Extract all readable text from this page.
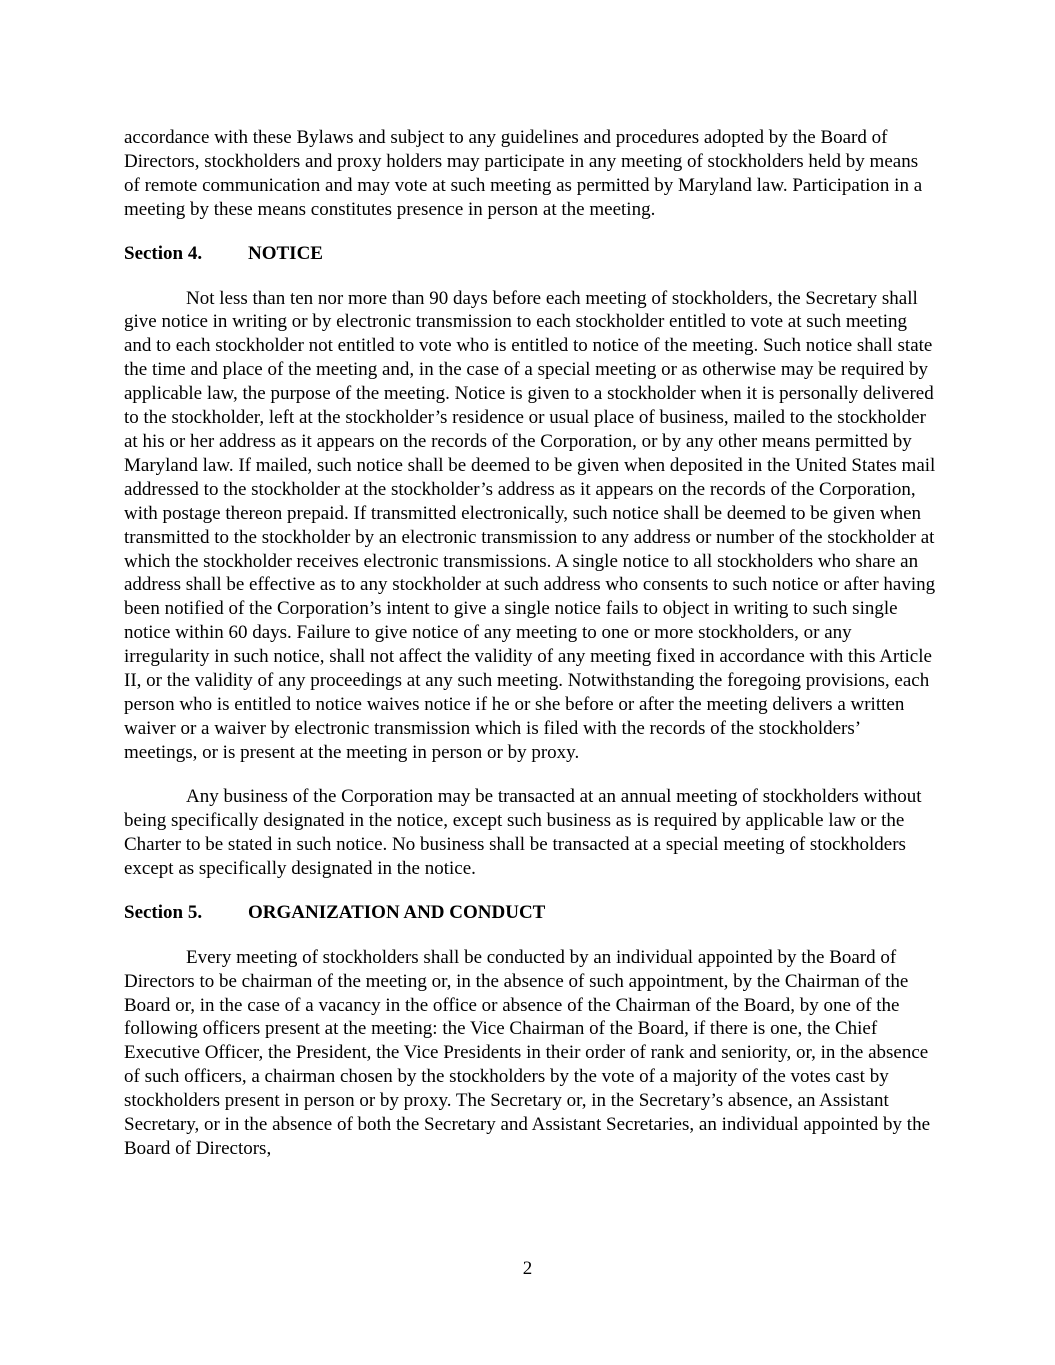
accordance with these Bylaws and subject to any guidelines and procedures adopted by the Board of Directors, stockholders and proxy holders may participate in any meeting of stockholders held by means of remote communication and may vote at such meeting as permitted by Maryland law. Participation in a meeting by these means constitutes presence in person at the meeting.

Section 4. NOTICE

Not less than ten nor more than 90 days before each meeting of stockholders, the Secretary shall give notice in writing or by electronic transmission to each stockholder entitled to vote at such meeting and to each stockholder not entitled to vote who is entitled to notice of the meeting. Such notice shall state the time and place of the meeting and, in the case of a special meeting or as otherwise may be required by applicable law, the purpose of the meeting. Notice is given to a stockholder when it is personally delivered to the stockholder, left at the stockholder’s residence or usual place of business, mailed to the stockholder at his or her address as it appears on the records of the Corporation, or by any other means permitted by Maryland law. If mailed, such notice shall be deemed to be given when deposited in the United States mail addressed to the stockholder at the stockholder’s address as it appears on the records of the Corporation, with postage thereon prepaid. If transmitted electronically, such notice shall be deemed to be given when transmitted to the stockholder by an electronic transmission to any address or number of the stockholder at which the stockholder receives electronic transmissions. A single notice to all stockholders who share an address shall be effective as to any stockholder at such address who consents to such notice or after having been notified of the Corporation’s intent to give a single notice fails to object in writing to such single notice within 60 days. Failure to give notice of any meeting to one or more stockholders, or any irregularity in such notice, shall not affect the validity of any meeting fixed in accordance with this Article II, or the validity of any proceedings at any such meeting. Notwithstanding the foregoing provisions, each person who is entitled to notice waives notice if he or she before or after the meeting delivers a written waiver or a waiver by electronic transmission which is filed with the records of the stockholders’ meetings, or is present at the meeting in person or by proxy.

Any business of the Corporation may be transacted at an annual meeting of stockholders without being specifically designated in the notice, except such business as is required by applicable law or the Charter to be stated in such notice. No business shall be transacted at a special meeting of stockholders except as specifically designated in the notice.

Section 5. ORGANIZATION AND CONDUCT

Every meeting of stockholders shall be conducted by an individual appointed by the Board of Directors to be chairman of the meeting or, in the absence of such appointment, by the Chairman of the Board or, in the case of a vacancy in the office or absence of the Chairman of the Board, by one of the following officers present at the meeting: the Vice Chairman of the Board, if there is one, the Chief Executive Officer, the President, the Vice Presidents in their order of rank and seniority, or, in the absence of such officers, a chairman chosen by the stockholders by the vote of a majority of the votes cast by stockholders present in person or by proxy. The Secretary or, in the Secretary’s absence, an Assistant Secretary, or in the absence of both the Secretary and Assistant Secretaries, an individual appointed by the Board of Directors,

2
